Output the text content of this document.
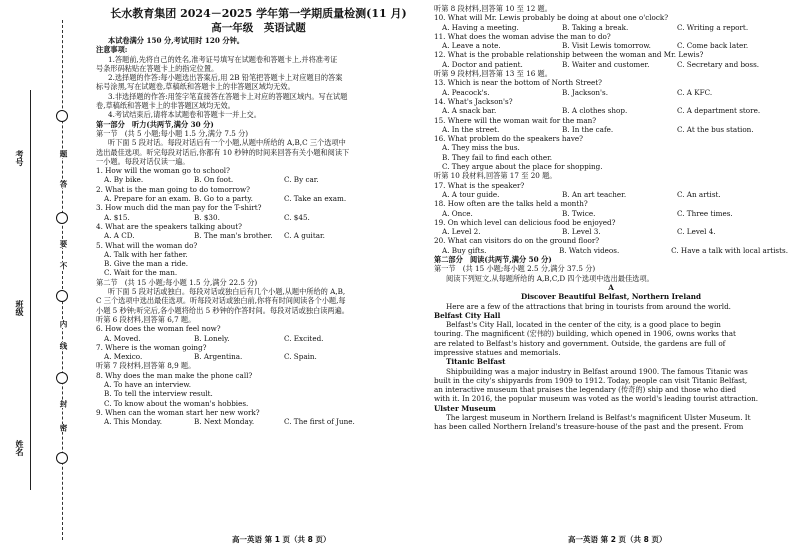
姓名
班级
考号	题
答
要
不
内
线
封
密
长水教育集团 2024－2025 学年第一学期质量检测(11 月)
高一年级　英语试题
本试卷满分 150 分,考试用时 120 分钟。
注意事项:
1.答题前,先将自己的姓名,准考证号填写在试题卷和答题卡上,并将准考证
号条形码粘贴在答题卡上的指定位置。
2.选择题的作答:每小题选出答案后,用 2B 铅笔把答题卡上对应题目的答案
标号涂黑,写在试题卷,草稿纸和答题卡上的非答题区域均无效。
3.非选择题的作答:用签字笔直接答在答题卡上对应的答题区域内。写在试题
卷,草稿纸和答题卡上的非答题区域均无效。
4.考试结束后,请将本试题卷和答题卡一并上交。
第一部分　听力(共两节,满分 30 分)
第一节　(共 5 小题;每小题 1.5 分,满分 7.5 分)
听下面 5 段对话。每段对话后有一个小题,从题中所给的 A,B,C 三个选项中
选出最佳选项。听完每段对话后,你都有 10 秒钟的时间来回答有关小题和阅读下
一小题。每段对话仅读一遍。
1. How will the woman go to school?
A. By bike.	B. On foot.	C. By car.
2. What is the man going to do tomorrow?
A. Prepare for an exam. B. Go to a party.	C. Take an exam.
3. How much did the man pay for the T-shirt?
A. $15.	B. $30.	C. $45.
4. What are the speakers talking about?
A. A CD.	B. The man's brother.	C. A guitar.
5. What will the woman do?
A. Talk with her father.
B. Give the man a ride.
C. Wait for the man.
第二节　(共 15 小题;每小题 1.5 分,满分 22.5 分)
听下面 5 段对话或独白。每段对话或独白后有几个小题,从题中所给的 A,B,
C 三个选项中选出最佳选项。听每段对话或独白前,你将有时间阅读各个小题,每
小题 5 秒钟;听完后,各小题将给出 5 秒钟的作答时间。每段对话或独白读两遍。
听第 6 段材料,回答第 6,7 题。
6. How does the woman feel now?
A. Moved.	B. Lonely.	C. Excited.
7. Where is the woman going?
A. Mexico.	B. Argentina.	C. Spain.
听第 7 段材料,回答第 8,9 题。
8. Why does the man make the phone call?
A. To have an interview.
B. To tell the interview result.
C. To know about the woman's hobbies.
9. When can the woman start her new work?
A. This Monday.	B. Next Monday.	C. The first of June.
高一英语 第 1 页（共 8 页）
听第 8 段材料,回答第 10 至 12 题。
10. What will Mr. Lewis probably be doing at about one o'clock?
A. Having a meeting.	B. Taking a break.	C. Writing a report.
11. What does the woman advise the man to do?
A. Leave a note.	B. Visit Lewis tomorrow.	C. Come back later.
12. What is the probable relationship between the woman and Mr. Lewis?
A. Doctor and patient.	B. Waiter and customer.	C. Secretary and boss.
听第 9 段材料,回答第 13 至 16 题。
13. Which is near the bottom of North Street?
A. Peacock's.	B. Jackson's.	C. A KFC.
14. What's Jackson's?
A. A snack bar.	B. A clothes shop.	C. A department store.
15. Where will the woman wait for the man?
A. In the street.	B. In the cafe.	C. At the bus station.
16. What problem do the speakers have?
A. They miss the bus.
B. They fail to find each other.
C. They argue about the place for shopping.
听第 10 段材料,回答第 17 至 20 题。
17. What is the speaker?
A. A tour guide.	B. An art teacher.	C. An artist.
18. How often are the talks held a month?
A. Once.	B. Twice.	C. Three times.
19. On which level can delicious food be enjoyed?
A. Level 2.	B. Level 3.	C. Level 4.
20. What can visitors do on the ground floor?
A. Buy gifts.	B. Watch videos.	C. Have a talk with local artists.
第二部分　阅读(共两节,满分 50 分)
第一节　(共 15 小题;每小题 2.5 分,满分 37.5 分)
阅读下列短文,从每题所给的 A,B,C,D 四个选项中选出最佳选项。
A
Discover Beautiful Belfast, Northern Ireland
Here are a few of the attractions that bring in tourists from around the world.
Belfast City Hall
Belfast's City Hall, located in the center of the city, is a good place to begin
touring. The magnificent (宏伟的) building, which opened in 1906, owns works that
are related to Belfast's history and government. Outside, the gardens are full of
impressive statues and memorials.
Titanic Belfast
Shipbuilding was a major industry in Belfast around 1900. The famous Titanic was
built in the city's shipyards from 1909 to 1912. Today, people can visit Titanic Belfast,
an interactive museum that praises the legendary (传奇的) ship and those who died
with it. In 2016, the popular museum was voted as the world's leading tourist attraction.
Ulster Museum
The largest museum in Northern Ireland is Belfast's magnificent Ulster Museum. It
has been called Northern Ireland's treasure-house of the past and the present. From
高一英语 第 2 页（共 8 页）
